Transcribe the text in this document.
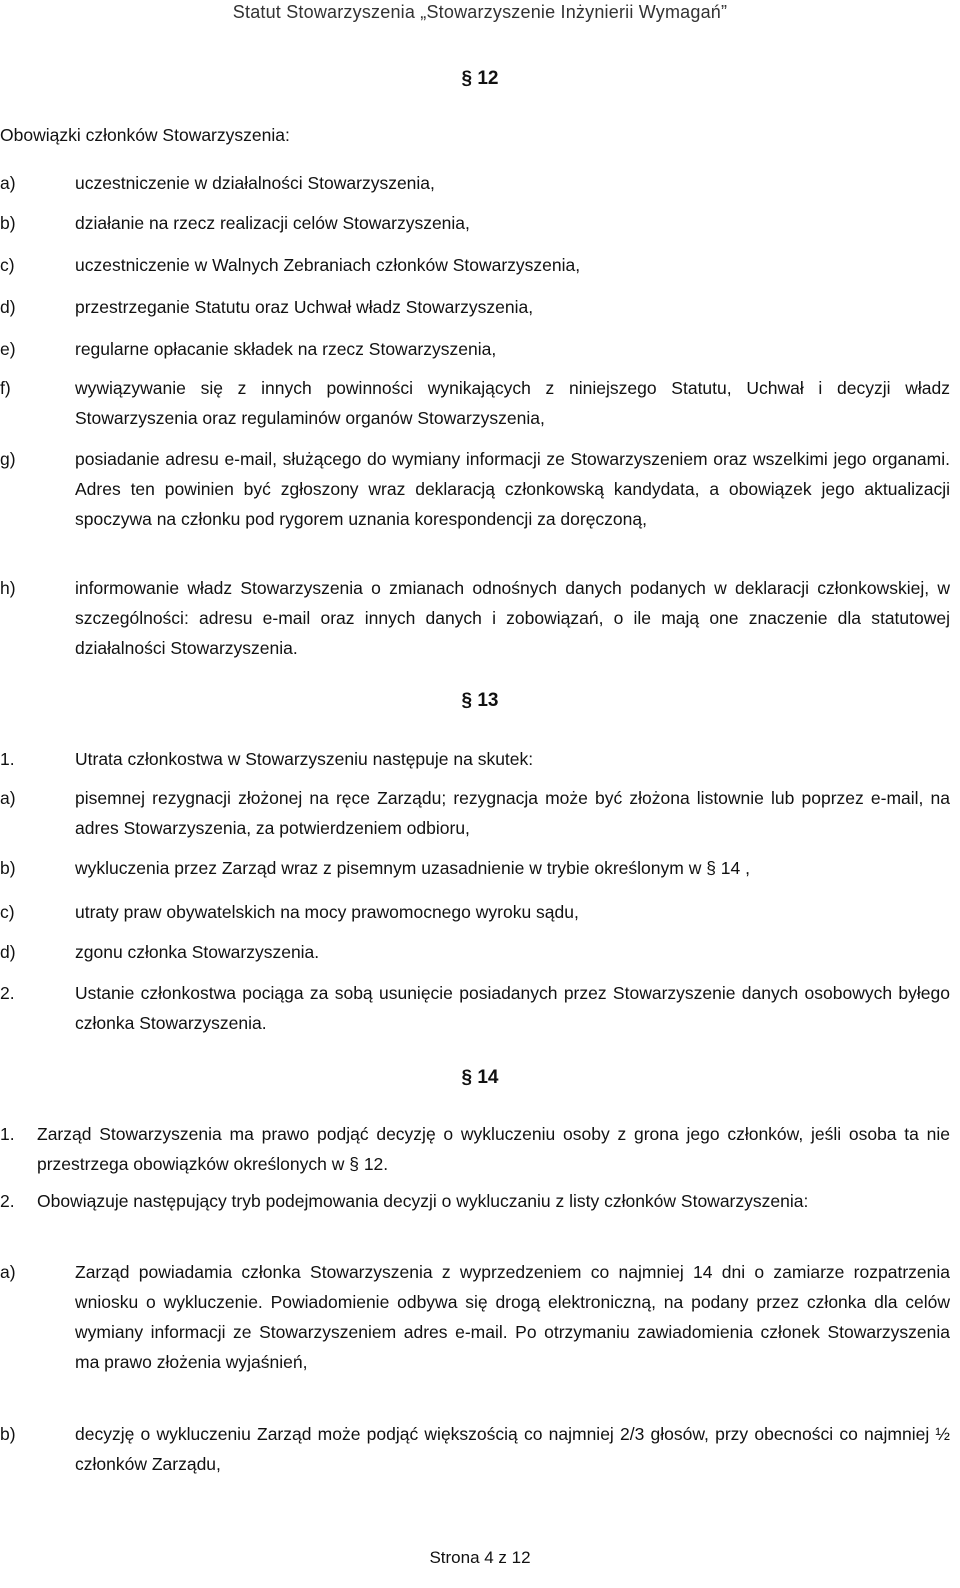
Statut Stowarzyszenia „Stowarzyszenie Inżynierii Wymagań”
§ 12
Obowiązki członków Stowarzyszenia:
a)	uczestniczenie w działalności Stowarzyszenia,
b)	działanie na rzecz realizacji celów Stowarzyszenia,
c)	uczestniczenie w Walnych Zebraniach członków Stowarzyszenia,
d)	przestrzeganie Statutu oraz Uchwał władz Stowarzyszenia,
e)	regularne opłacanie składek na rzecz Stowarzyszenia,
f)	wywiązywanie się z innych powinności wynikających z niniejszego Statutu, Uchwał i decyzji władz Stowarzyszenia oraz regulaminów organów Stowarzyszenia,
g)	posiadanie adresu e-mail, służącego do wymiany informacji ze Stowarzyszeniem oraz wszelkimi jego organami. Adres ten powinien być zgłoszony wraz deklaracją członkowską kandydata, a obowiązek jego aktualizacji spoczywa na członku pod rygorem uznania korespondencji za doręczoną,
h)	informowanie władz Stowarzyszenia o zmianach odnośnych danych podanych w deklaracji członkowskiej, w szczególności: adresu e-mail oraz innych danych i zobowiązań, o ile mają one znaczenie dla statutowej działalności Stowarzyszenia.
§ 13
1.	Utrata członkostwa w Stowarzyszeniu następuje na skutek:
a)	pisemnej rezygnacji złożonej na ręce Zarządu; rezygnacja może być złożona listownie lub poprzez e-mail, na adres Stowarzyszenia, za potwierdzeniem odbioru,
b)	wykluczenia przez Zarząd wraz z pisemnym uzasadnienie w trybie określonym w § 14 ,
c)	utraty praw obywatelskich na mocy prawomocnego wyroku sądu,
d)	zgonu członka Stowarzyszenia.
2.	Ustanie członkostwa pociąga za sobą usunięcie posiadanych przez Stowarzyszenie danych osobowych byłego członka Stowarzyszenia.
§ 14
1. Zarząd Stowarzyszenia ma prawo podjąć decyzję o wykluczeniu osoby z grona jego członków, jeśli osoba ta nie przestrzega obowiązków określonych w § 12.
2. Obowiązuje następujący tryb podejmowania decyzji o wykluczaniu z listy członków Stowarzyszenia:
a)	Zarząd powiadamia członka Stowarzyszenia z wyprzedzeniem co najmniej 14 dni o zamiarze rozpatrzenia wniosku o wykluczenie. Powiadomienie odbywa się drogą elektroniczną, na podany przez członka dla celów wymiany informacji ze Stowarzyszeniem adres e-mail. Po otrzymaniu zawiadomienia członek Stowarzyszenia ma prawo złożenia wyjaśnień,
b)	decyzję o wykluczeniu Zarząd może podjąć większością co najmniej 2/3 głosów, przy obecności co najmniej ½ członków Zarządu,
Strona 4 z 12
